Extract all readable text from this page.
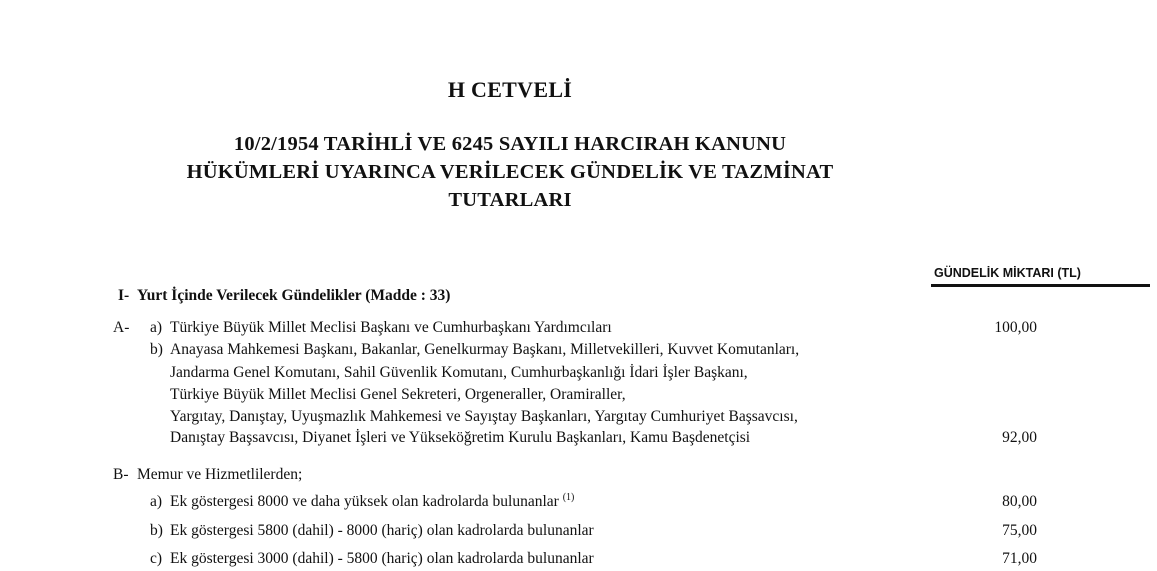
H CETVELİ
10/2/1954 TARİHLİ VE 6245 SAYILI HARCIRAH KANUNU
HÜKÜMLERİ UYARINCA VERİLECEK GÜNDELİK VE TAZMİNAT
TUTARLARI
GÜNDELİK MİKTARI (TL)
I- Yurt İçinde Verilecek Gündelikler (Madde : 33)
A- a) Türkiye Büyük Millet Meclisi Başkanı ve Cumhurbaşkanı Yardımcıları	100,00
b) Anayasa Mahkemesi Başkanı, Bakanlar, Genelkurmay Başkanı, Milletvekilleri, Kuvvet Komutanları,
Jandarma Genel Komutanı, Sahil Güvenlik Komutanı, Cumhurbaşkanlığı İdari İşler Başkanı,
Türkiye Büyük Millet Meclisi Genel Sekreteri, Orgeneraller, Oramiraller,
Yargıtay, Danıştay, Uyuşmazlık Mahkemesi ve Sayıştay Başkanları, Yargıtay Cumhuriyet Başsavcısı,
Danıştay Başsavcısı, Diyanet İşleri ve Yükseköğretim Kurulu Başkanları, Kamu Başdenetçisi	92,00
B- Memur ve Hizmetlilerden;
a) Ek göstergesi 8000 ve daha yüksek olan kadrolarda bulunanlar $^{(1)}$	80,00
b) Ek göstergesi 5800 (dahil) - 8000 (hariç) olan kadrolarda bulunanlar	75,00
c) Ek göstergesi 3000 (dahil) - 5800 (hariç) olan kadrolarda bulunanlar	71,00
